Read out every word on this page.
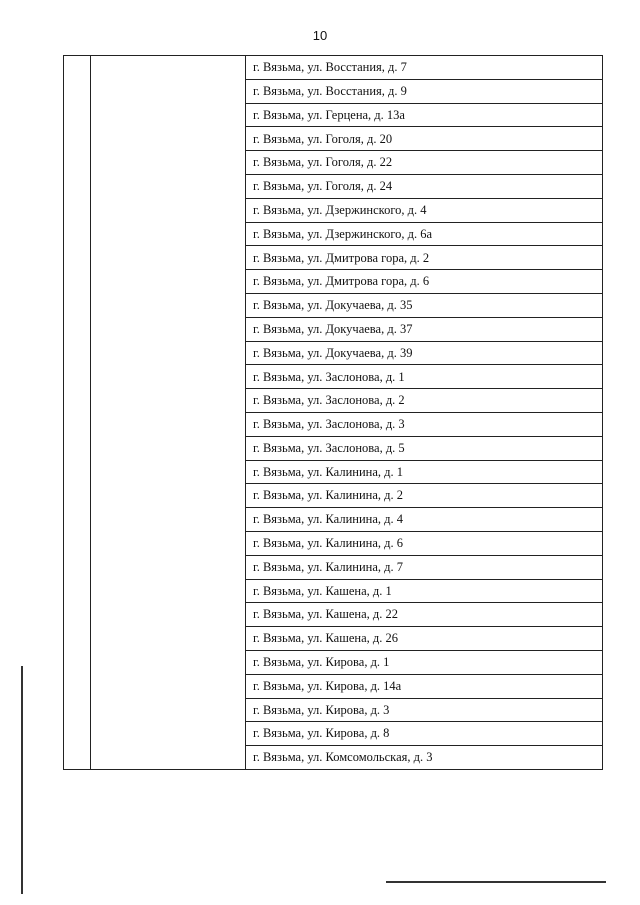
10
		г. Вязьма, ул. Восстания, д. 7
г. Вязьма, ул. Восстания, д. 9
г. Вязьма, ул. Герцена, д. 13а
г. Вязьма, ул. Гоголя, д. 20
г. Вязьма, ул. Гоголя, д. 22
г. Вязьма, ул. Гоголя, д. 24
г. Вязьма, ул. Дзержинского, д. 4
г. Вязьма, ул. Дзержинского, д. 6а
г. Вязьма, ул. Дмитрова гора, д. 2
г. Вязьма, ул. Дмитрова гора, д. 6
г. Вязьма, ул. Докучаева, д. 35
г. Вязьма, ул. Докучаева, д. 37
г. Вязьма, ул. Докучаева, д. 39
г. Вязьма, ул. Заслонова, д. 1
г. Вязьма, ул. Заслонова, д. 2
г. Вязьма, ул. Заслонова, д. 3
г. Вязьма, ул. Заслонова, д. 5
г. Вязьма, ул. Калинина, д. 1
г. Вязьма, ул. Калинина, д. 2
г. Вязьма, ул. Калинина, д. 4
г. Вязьма, ул. Калинина, д. 6
г. Вязьма, ул. Калинина, д. 7
г. Вязьма, ул. Кашена, д. 1
г. Вязьма, ул. Кашена, д. 22
г. Вязьма, ул. Кашена, д. 26
г. Вязьма, ул. Кирова, д. 1
г. Вязьма, ул. Кирова, д. 14а
г. Вязьма, ул. Кирова, д. 3
г. Вязьма, ул. Кирова, д. 8
г. Вязьма, ул. Комсомольская, д. 3
